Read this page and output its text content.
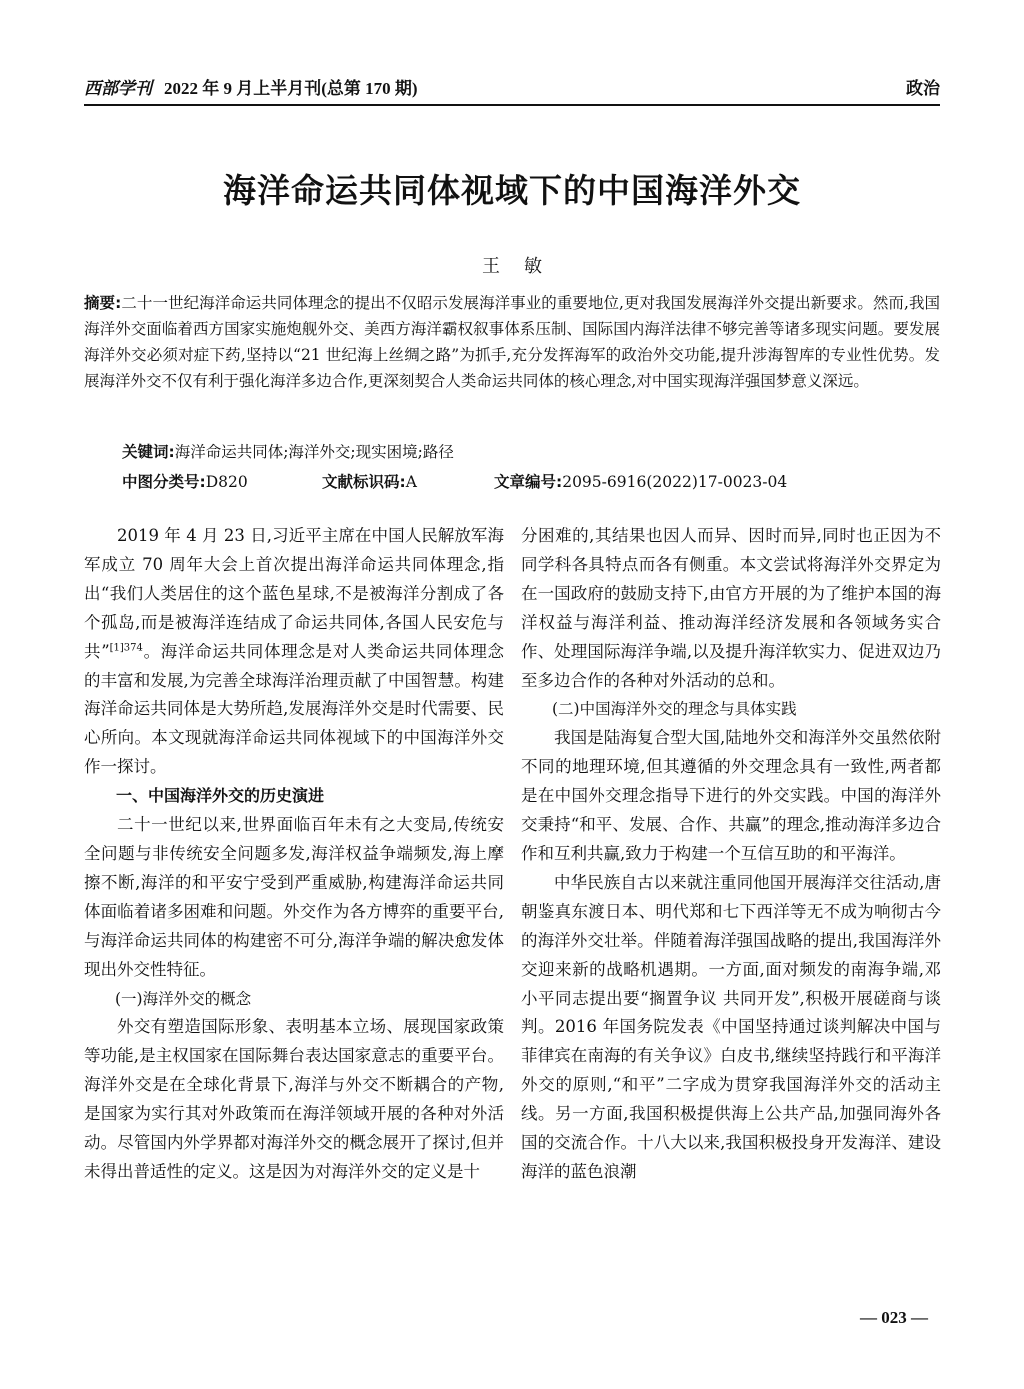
西部学刊 2022 年 9 月上半月刊(总第 170 期)	政治
海洋命运共同体视域下的中国海洋外交
王敏
摘要:二十一世纪海洋命运共同体理念的提出不仅昭示发展海洋事业的重要地位,更对我国发展海洋外交提出新要求。然而,我国海洋外交面临着西方国家实施炮舰外交、美西方海洋霸权叙事体系压制、国际国内海洋法律不够完善等诸多现实问题。要发展海洋外交必须对症下药,坚持以“21 世纪海上丝绸之路”为抓手,充分发挥海军的政治外交功能,提升涉海智库的专业性优势。发展海洋外交不仅有利于强化海洋多边合作,更深刻契合人类命运共同体的核心理念,对中国实现海洋强国梦意义深远。
关键词:海洋命运共同体;海洋外交;现实困境;路径
中图分类号:D820	文献标识码:A	文章编号:2095-6916(2022)17-0023-04

2019 年 4 月 23 日,习近平主席在中国人民解放军海军成立 70 周年大会上首次提出海洋命运共同体理念,指出“我们人类居住的这个蓝色星球,不是被海洋分割成了各个孤岛,而是被海洋连结成了命运共同体,各国人民安危与共”$^{[1]374}$。海洋命运共同体理念是对人类命运共同体理念的丰富和发展,为完善全球海洋治理贡献了中国智慧。构建海洋命运共同体是大势所趋,发展海洋外交是时代需要、民心所向。本文现就海洋命运共同体视域下的中国海洋外交作一探讨。

一、中国海洋外交的历史演进

二十一世纪以来,世界面临百年未有之大变局,传统安全问题与非传统安全问题多发,海洋权益争端频发,海上摩擦不断,海洋的和平安宁受到严重威胁,构建海洋命运共同体面临着诸多困难和问题。外交作为各方博弈的重要平台,与海洋命运共同体的构建密不可分,海洋争端的解决愈发体现出外交性特征。

(一)海洋外交的概念

外交有塑造国际形象、表明基本立场、展现国家政策等功能,是主权国家在国际舞台表达国家意志的重要平台。海洋外交是在全球化背景下,海洋与外交不断耦合的产物,是国家为实行其对外政策而在海洋领域开展的各种对外活动。尽管国内外学界都对海洋外交的概念展开了探讨,但并未得出普适性的定义。这是因为对海洋外交的定义是十

分困难的,其结果也因人而异、因时而异,同时也正因为不同学科各具特点而各有侧重。本文尝试将海洋外交界定为在一国政府的鼓励支持下,由官方开展的为了维护本国的海洋权益与海洋利益、推动海洋经济发展和各领域务实合作、处理国际海洋争端,以及提升海洋软实力、促进双边乃至多边合作的各种对外活动的总和。

(二)中国海洋外交的理念与具体实践

我国是陆海复合型大国,陆地外交和海洋外交虽然依附不同的地理环境,但其遵循的外交理念具有一致性,两者都是在中国外交理念指导下进行的外交实践。中国的海洋外交秉持“和平、发展、合作、共赢”的理念,推动海洋多边合作和互利共赢,致力于构建一个互信互助的和平海洋。

中华民族自古以来就注重同他国开展海洋交往活动,唐朝鉴真东渡日本、明代郑和七下西洋等无不成为响彻古今的海洋外交壮举。伴随着海洋强国战略的提出,我国海洋外交迎来新的战略机遇期。一方面,面对频发的南海争端,邓小平同志提出要“搁置争议 共同开发”,积极开展磋商与谈判。2016 年国务院发表《中国坚持通过谈判解决中国与菲律宾在南海的有关争议》白皮书,继续坚持践行和平海洋外交的原则,“和平”二字成为贯穿我国海洋外交的活动主线。另一方面,我国积极提供海上公共产品,加强同海外各国的交流合作。十八大以来,我国积极投身开发海洋、建设海洋的蓝色浪潮

— 023 —
